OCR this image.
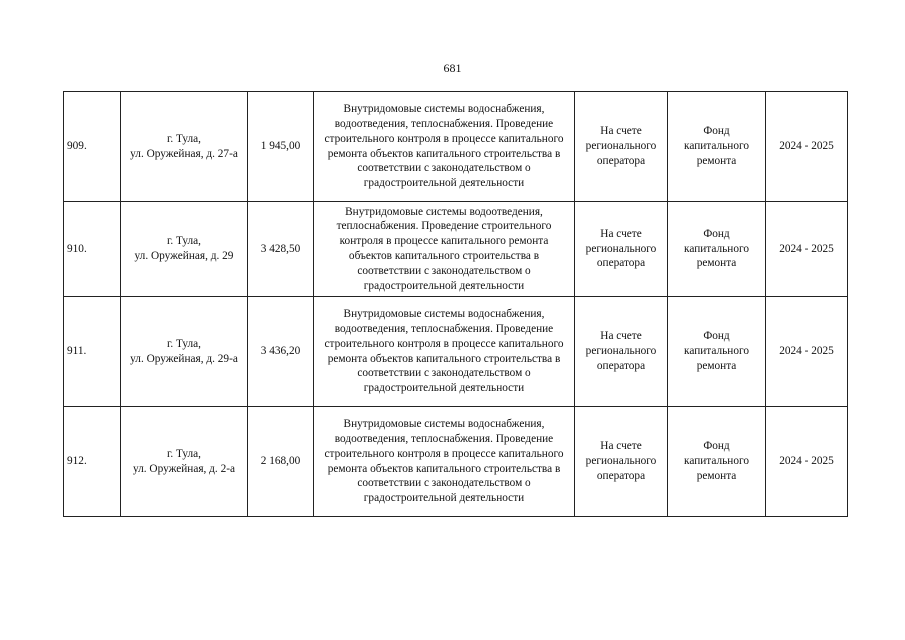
681
909.	г. Тула,
ул. Оружейная, д. 27-а	1 945,00	Внутридомовые системы водоснабжения, водоотведения, теплоснабжения. Проведение строительного контроля в процессе капитального ремонта объектов капитального строительства в соответствии с законодательством о градостроительной деятельности	На счете регионального оператора	Фонд капитального ремонта	2024 - 2025
910.	г. Тула,
ул. Оружейная, д. 29	3 428,50	Внутридомовые системы водоотведения, теплоснабжения. Проведение строительного контроля в процессе капитального ремонта объектов капитального строительства в соответствии с законодательством о градостроительной деятельности	На счете регионального оператора	Фонд капитального ремонта	2024 - 2025
911.	г. Тула,
ул. Оружейная, д. 29-а	3 436,20	Внутридомовые системы водоснабжения, водоотведения, теплоснабжения. Проведение строительного контроля в процессе капитального ремонта объектов капитального строительства в соответствии с законодательством о градостроительной деятельности	На счете регионального оператора	Фонд капитального ремонта	2024 - 2025
912.	г. Тула,
ул. Оружейная, д. 2-а	2 168,00	Внутридомовые системы водоснабжения, водоотведения, теплоснабжения. Проведение строительного контроля в процессе капитального ремонта объектов капитального строительства в соответствии с законодательством о градостроительной деятельности	На счете регионального оператора	Фонд капитального ремонта	2024 - 2025
